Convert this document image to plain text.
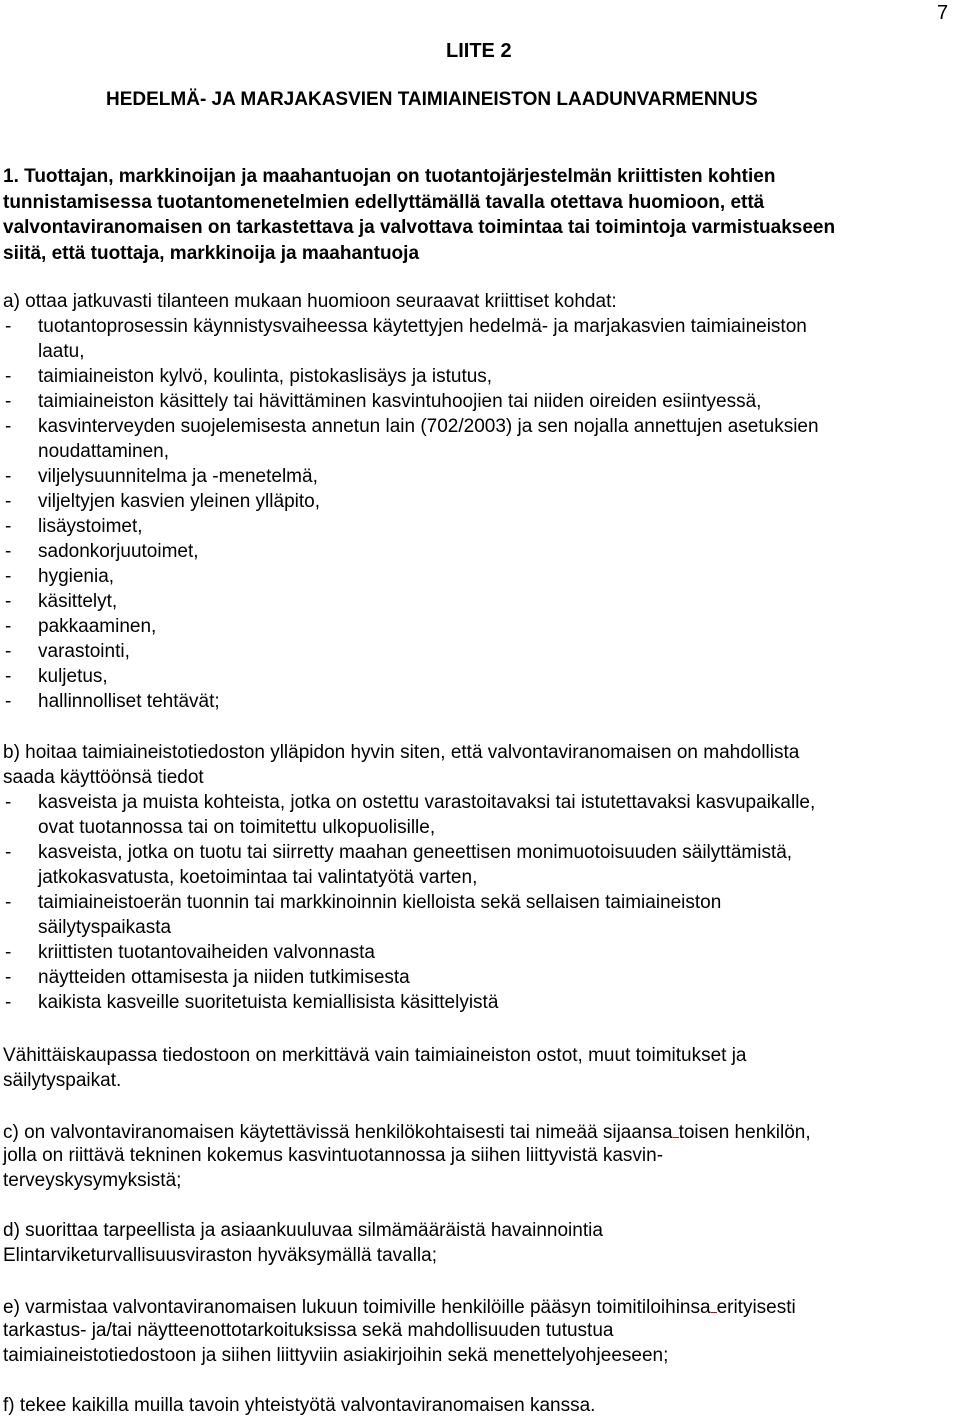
7
LIITE 2
HEDELMÄ- JA MARJAKASVIEN TAIMIAINEISTON LAADUNVARMENNUS
1. Tuottajan, markkinoijan ja maahantuojan on tuotantojärjestelmän kriittisten kohtien
tunnistamisessa tuotantomenetelmien edellyttämällä tavalla otettava huomioon, että
valvontaviranomaisen on tarkastettava ja valvottava toimintaa tai toimintoja varmistuakseen
siitä, että tuottaja, markkinoija ja maahantuoja
a) ottaa jatkuvasti tilanteen mukaan huomioon seuraavat kriittiset kohdat:
- tuotantoprosessin käynnistysvaiheessa käytettyjen hedelmä- ja marjakasvien taimiaineiston
laatu,
- taimiaineiston kylvö, koulinta, pistokaslisäys ja istutus,
- taimiaineiston käsittely tai hävittäminen kasvintuhoojien tai niiden oireiden esiintyessä,
- kasvinterveyden suojelemisesta annetun lain (702/2003) ja sen nojalla annettujen asetuksien
noudattaminen,
- viljelysuunnitelma ja -menetelmä,
- viljeltyjen kasvien yleinen ylläpito,
- lisäystoimet,
- sadonkorjuutoimet,
- hygienia,
- käsittelyt,
- pakkaaminen,
- varastointi,
- kuljetus,
- hallinnolliset tehtävät;
b) hoitaa taimiaineistotiedoston ylläpidon hyvin siten, että valvontaviranomaisen on mahdollista
saada käyttöönsä tiedot
- kasveista ja muista kohteista, jotka on ostettu varastoitavaksi tai istutettavaksi kasvupaikalle,
ovat tuotannossa tai on toimitettu ulkopuolisille,
- kasveista, jotka on tuotu tai siirretty maahan geneettisen monimuotoisuuden säilyttämistä,
jatkokasvatusta, koetoimintaa tai valintatyötä varten,
- taimiaineistoerän tuonnin tai markkinoinnin kielloista sekä sellaisen taimiaineiston
säilytyspaikasta
- kriittisten tuotantovaiheiden valvonnasta
- näytteiden ottamisesta ja niiden tutkimisesta
- kaikista kasveille suoritetuista kemiallisista käsittelyistä
Vähittäiskaupassa tiedostoon on merkittävä vain taimiaineiston ostot, muut toimitukset ja
säilytyspaikat.
c) on valvontaviranomaisen käytettävissä henkilökohtaisesti tai nimeää sijaansa toisen henkilön,
jolla on riittävä tekninen kokemus kasvintuotannossa ja siihen liittyvistä kasvin-
terveyskysymyksistä;
d) suorittaa tarpeellista ja asiaankuuluvaa silmämääräistä havainnointia
Elintarviketurvallisuusviraston hyväksymällä tavalla;
e) varmistaa valvontaviranomaisen lukuun toimiville henkilöille pääsyn toimitiloihinsa erityisesti
tarkastus- ja/tai näytteenottotarkoituksissa sekä mahdollisuuden tutustua
taimiaineistotiedostoon ja siihen liittyviin asiakirjoihin sekä menettelyohjeeseen;
f) tekee kaikilla muilla tavoin yhteistyötä valvontaviranomaisen kanssa.
